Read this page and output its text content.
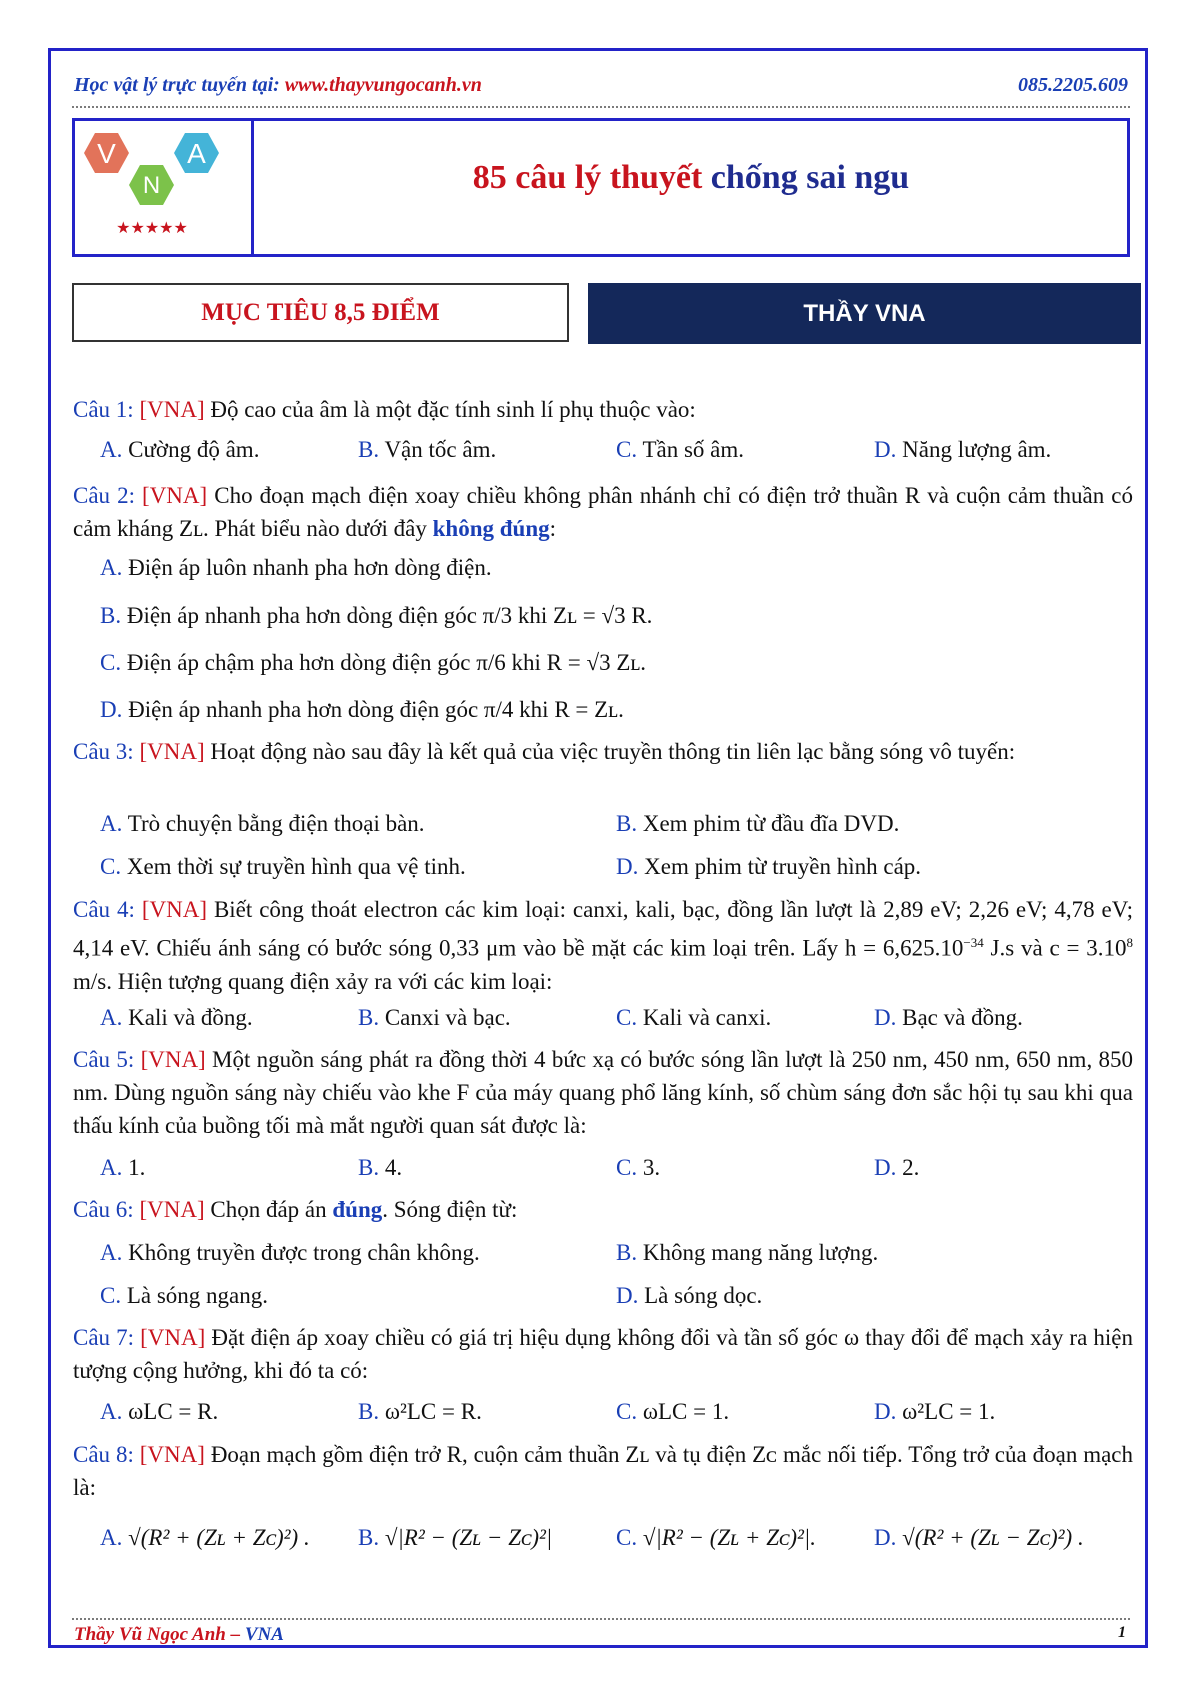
Học vật lý trực tuyến tại: www.thayvungocanh.vn	085.2205.609
V	A
N
★★★★★
85 câu lý thuyết chống sai ngu
MỤC TIÊU 8,5 ĐIỂM	THẦY VNA
Câu 1: [VNA] Độ cao của âm là một đặc tính sinh lí phụ thuộc vào:
A. Cường độ âm.	B. Vận tốc âm.	C. Tần số âm.	D. Năng lượng âm.
Câu 2: [VNA] Cho đoạn mạch điện xoay chiều không phân nhánh chỉ có điện trở thuần R và cuộn cảm thuần có cảm kháng Zʟ. Phát biểu nào dưới đây không đúng:
A. Điện áp luôn nhanh pha hơn dòng điện.
B. Điện áp nhanh pha hơn dòng điện góc π/3 khi Zʟ = √3 R.
C. Điện áp chậm pha hơn dòng điện góc π/6 khi R = √3 Zʟ.
D. Điện áp nhanh pha hơn dòng điện góc π/4 khi R = Zʟ.
Câu 3: [VNA] Hoạt động nào sau đây là kết quả của việc truyền thông tin liên lạc bằng sóng vô tuyến:
A. Trò chuyện bằng điện thoại bàn.	B. Xem phim từ đầu đĩa DVD.
C. Xem thời sự truyền hình qua vệ tinh.	D. Xem phim từ truyền hình cáp.
Câu 4: [VNA] Biết công thoát electron các kim loại: canxi, kali, bạc, đồng lần lượt là 2,89 eV; 2,26 eV; 4,78 eV; 4,14 eV. Chiếu ánh sáng có bước sóng 0,33 μm vào bề mặt các kim loại trên. Lấy $h = 6,625.10^{-34}$ J.s và $c = 3.10^8$ m/s. Hiện tượng quang điện xảy ra với các kim loại:
A. Kali và đồng.	B. Canxi và bạc.	C. Kali và canxi.	D. Bạc và đồng.
Câu 5: [VNA] Một nguồn sáng phát ra đồng thời 4 bức xạ có bước sóng lần lượt là 250 nm, 450 nm, 650 nm, 850 nm. Dùng nguồn sáng này chiếu vào khe F của máy quang phổ lăng kính, số chùm sáng đơn sắc hội tụ sau khi qua thấu kính của buồng tối mà mắt người quan sát được là:
A. 1.	B. 4.	C. 3.	D. 2.
Câu 6: [VNA] Chọn đáp án đúng. Sóng điện từ:
A. Không truyền được trong chân không.	B. Không mang năng lượng.
C. Là sóng ngang.	D. Là sóng dọc.
Câu 7: [VNA] Đặt điện áp xoay chiều có giá trị hiệu dụng không đổi và tần số góc ω thay đổi để mạch xảy ra hiện tượng cộng hưởng, khi đó ta có:
A. ωLC = R.	B. ω²LC = R.	C. ωLC = 1.	D. ω²LC = 1.
Câu 8: [VNA] Đoạn mạch gồm điện trở R, cuộn cảm thuần Zʟ và tụ điện Zᴄ mắc nối tiếp. Tổng trở của đoạn mạch là:
A. √(R² + (Zʟ + Zᴄ)²) . B. √|R² − (Zʟ − Zᴄ)²|	C. √|R² − (Zʟ + Zᴄ)²|.	D. √(R² + (Zʟ − Zᴄ)²) .
Thầy Vũ Ngọc Anh – VNA	1
